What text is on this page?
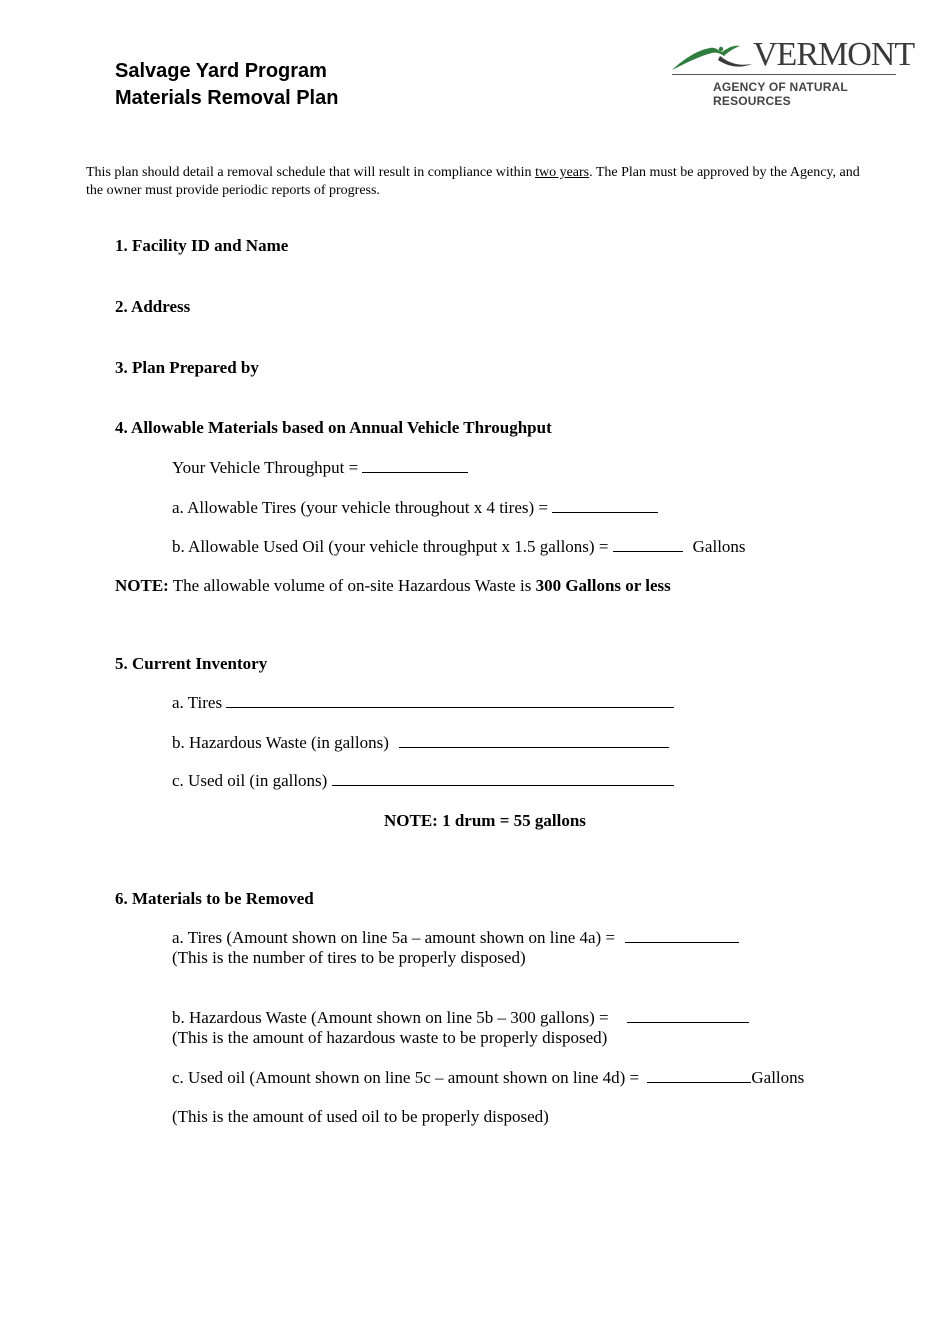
Salvage Yard Program
Materials Removal Plan
VERMONT
AGENCY OF NATURAL RESOURCES
This plan should detail a removal schedule that will result in compliance within two years. The Plan must be approved by the Agency, and the owner must provide periodic reports of progress.
1. Facility ID and Name
2. Address
3. Plan Prepared by
4. Allowable Materials based on Annual Vehicle Throughput
Your Vehicle Throughput =
a. Allowable Tires (your vehicle throughout x 4 tires) =
b. Allowable Used Oil (your vehicle throughput x 1.5 gallons) =	Gallons
NOTE: The allowable volume of on-site Hazardous Waste is 300 Gallons or less
5. Current Inventory
a. Tires
b. Hazardous Waste (in gallons)
c. Used oil (in gallons)
NOTE: 1 drum = 55 gallons
6. Materials to be Removed
a. Tires (Amount shown on line 5a – amount shown on line 4a) =
(This is the number of tires to be properly disposed)
b. Hazardous Waste (Amount shown on line 5b – 300 gallons) =
(This is the amount of hazardous waste to be properly disposed)
c. Used oil (Amount shown on line 5c – amount shown on line 4d) =	Gallons
(This is the amount of used oil to be properly disposed)
